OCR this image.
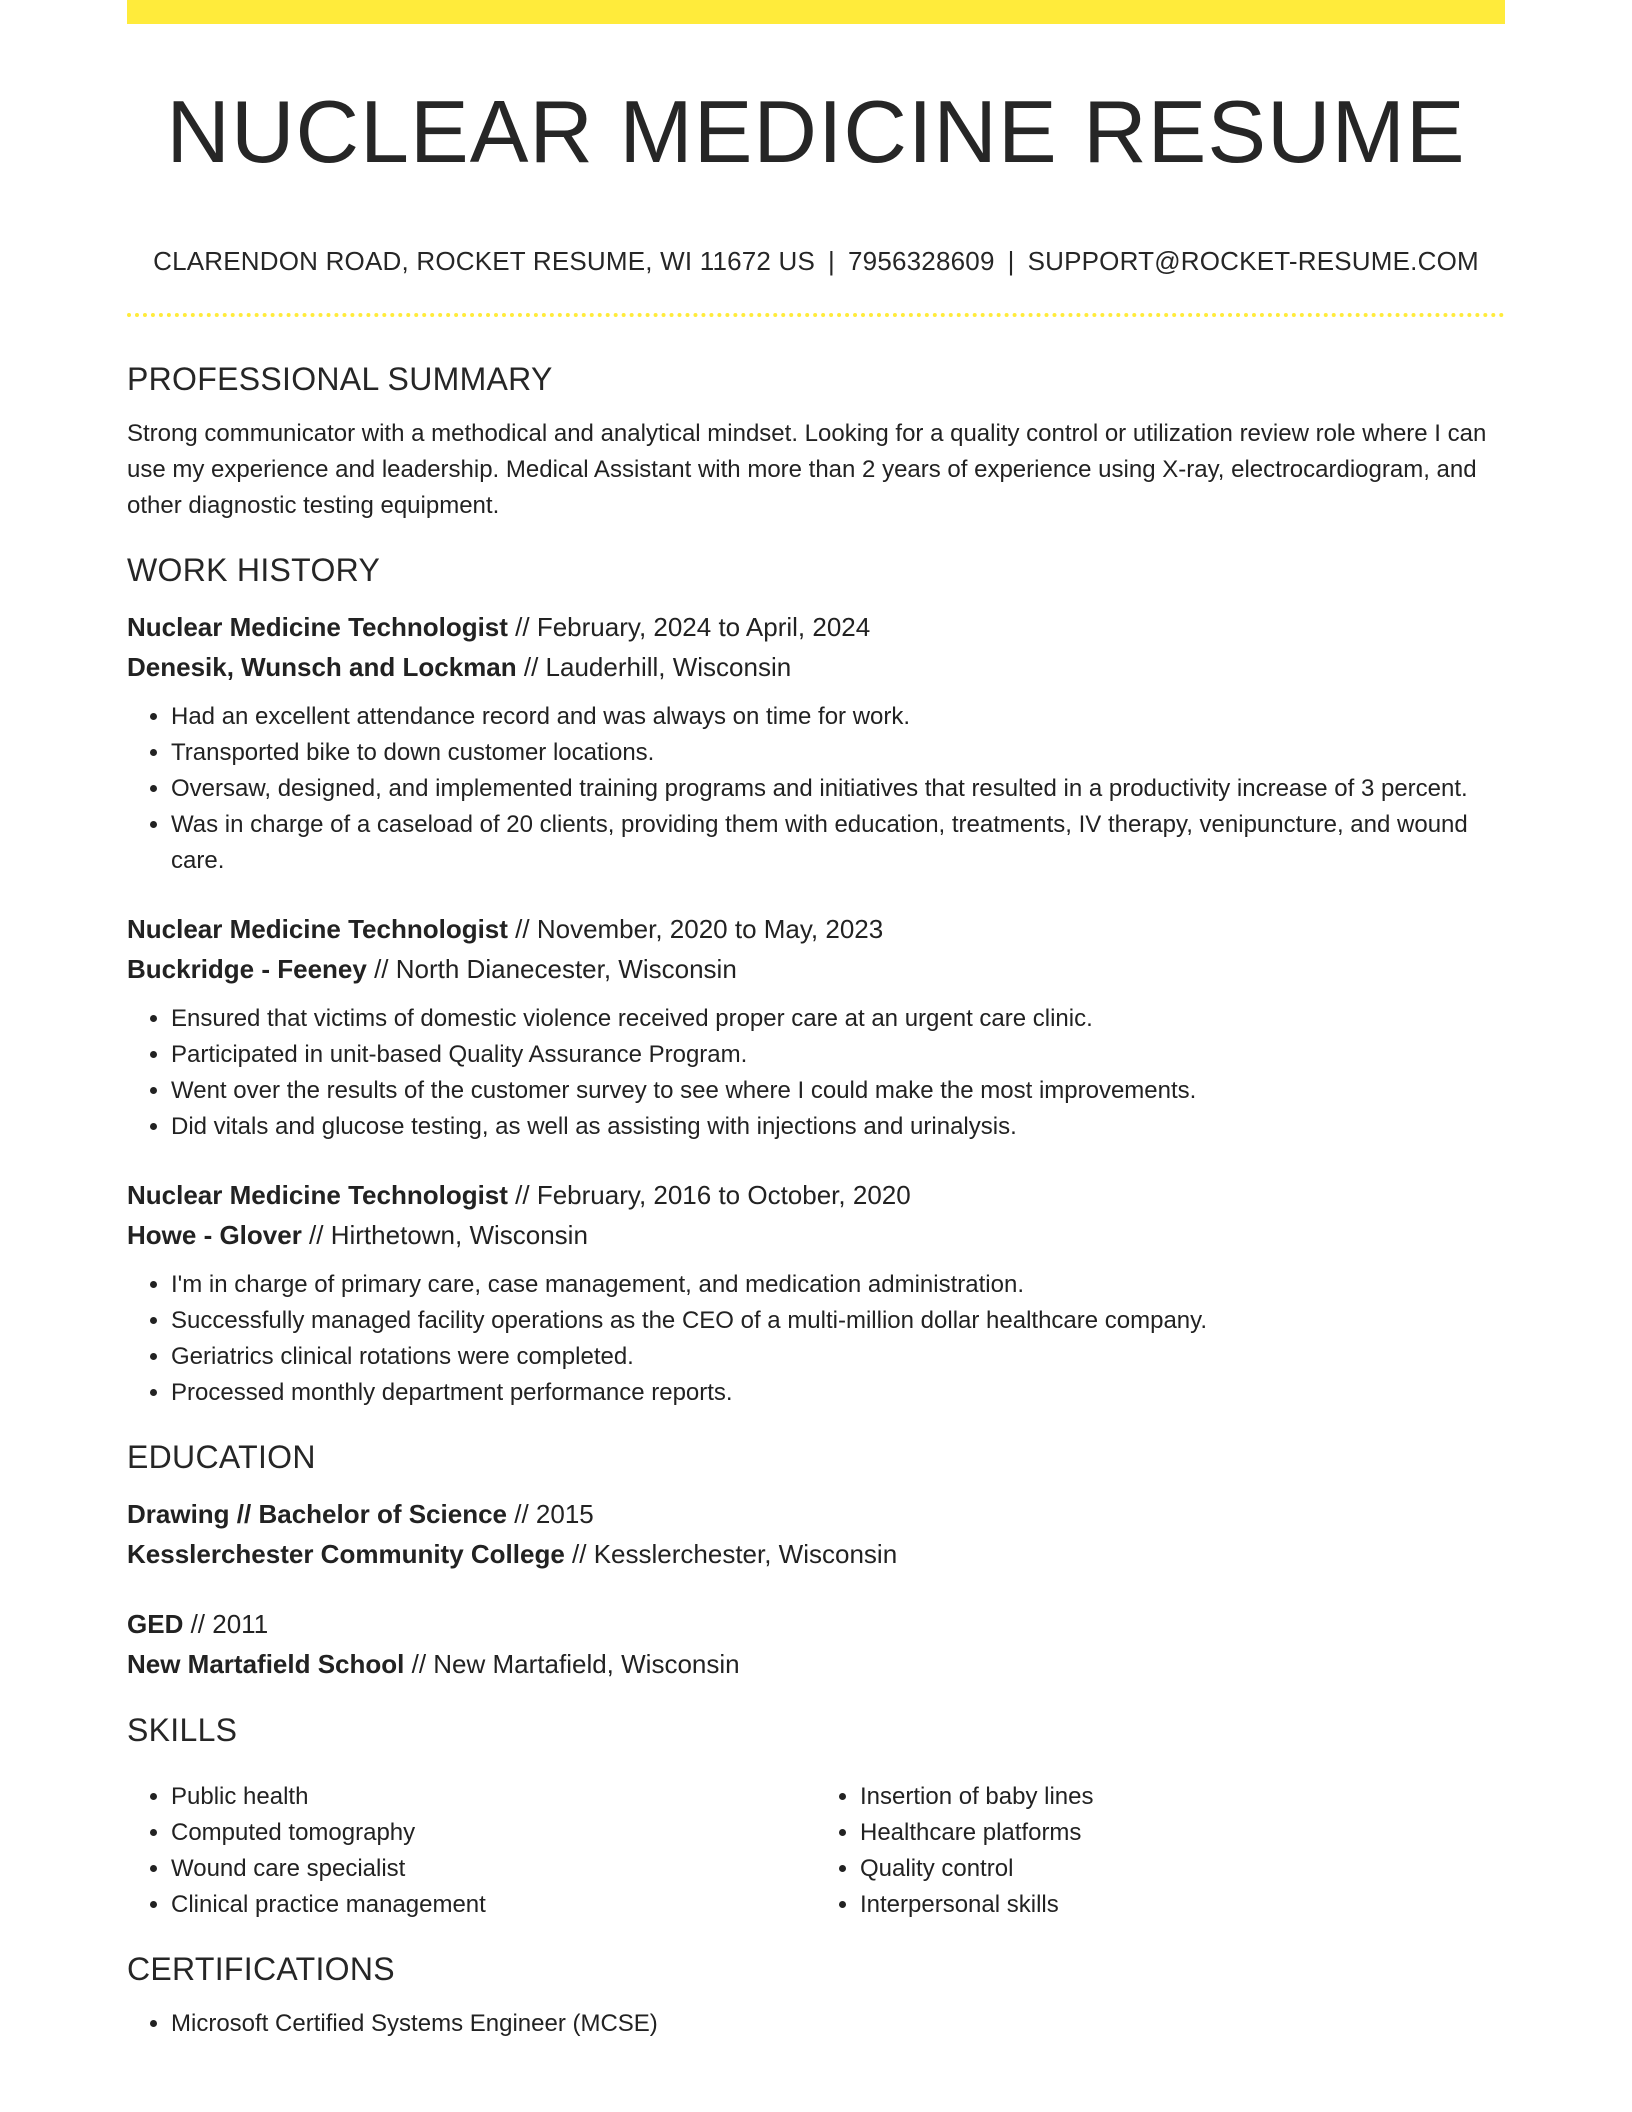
NUCLEAR MEDICINE RESUME
CLARENDON ROAD, ROCKET RESUME, WI 11672 US | 7956328609 | SUPPORT@ROCKET-RESUME.COM
PROFESSIONAL SUMMARY

Strong communicator with a methodical and analytical mindset. Looking for a quality control or utilization review role where I can use my experience and leadership. Medical Assistant with more than 2 years of experience using X-ray, electrocardiogram, and other diagnostic testing equipment.

WORK HISTORY
Nuclear Medicine Technologist // February, 2024 to April, 2024
Denesik, Wunsch and Lockman // Lauderhill, Wisconsin
• Had an excellent attendance record and was always on time for work.
• Transported bike to down customer locations.
• Oversaw, designed, and implemented training programs and initiatives that resulted in a productivity increase of 3 percent.
• Was in charge of a caseload of 20 clients, providing them with education, treatments, IV therapy, venipuncture, and wound care.
Nuclear Medicine Technologist // November, 2020 to May, 2023
Buckridge - Feeney // North Dianecester, Wisconsin
• Ensured that victims of domestic violence received proper care at an urgent care clinic.
• Participated in unit-based Quality Assurance Program.
• Went over the results of the customer survey to see where I could make the most improvements.
• Did vitals and glucose testing, as well as assisting with injections and urinalysis.
Nuclear Medicine Technologist // February, 2016 to October, 2020
Howe - Glover // Hirthetown, Wisconsin
• I'm in charge of primary care, case management, and medication administration.
• Successfully managed facility operations as the CEO of a multi-million dollar healthcare company.
• Geriatrics clinical rotations were completed.
• Processed monthly department performance reports.
EDUCATION
Drawing // Bachelor of Science // 2015
Kesslerchester Community College // Kesslerchester, Wisconsin
GED // 2011
New Martafield School // New Martafield, Wisconsin
SKILLS
• Public health
• Computed tomography
• Wound care specialist
• Clinical practice management
• Insertion of baby lines
• Healthcare platforms
• Quality control
• Interpersonal skills
CERTIFICATIONS
• Microsoft Certified Systems Engineer (MCSE)
